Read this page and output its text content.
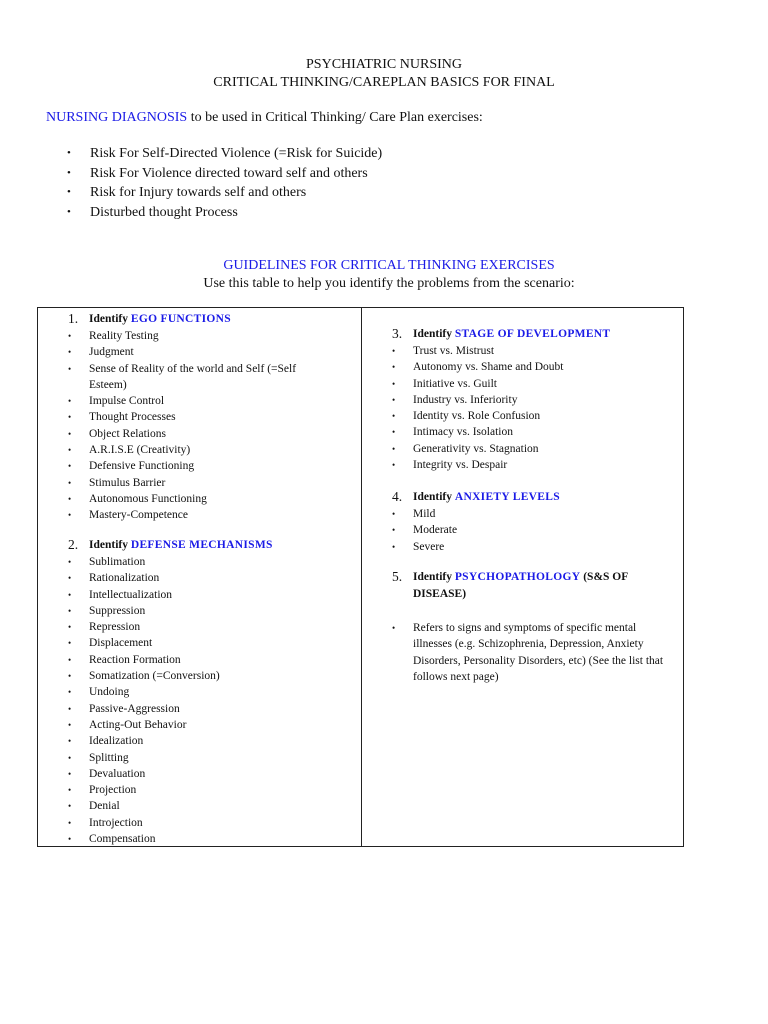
PSYCHIATRIC NURSING
CRITICAL THINKING/CAREPLAN BASICS FOR FINAL
NURSING DIAGNOSIS to be used in Critical Thinking/ Care Plan exercises:
• Risk For Self-Directed Violence (=Risk for Suicide)
• Risk For Violence directed toward self and others
• Risk for Injury towards self and others
• Disturbed thought Process
GUIDELINES FOR CRITICAL THINKING EXERCISES
Use this table to help you identify the problems from the scenario:
1. Identify EGO FUNCTIONS
• Reality Testing
• Judgment
• Sense of Reality of the world and Self (=Self Esteem)
• Impulse Control
• Thought Processes
• Object Relations
• A.R.I.S.E (Creativity)
• Defensive Functioning
• Stimulus Barrier
• Autonomous Functioning
• Mastery-Competence
2. Identify DEFENSE MECHANISMS
• Sublimation
• Rationalization
• Intellectualization
• Suppression
• Repression
• Displacement
• Reaction Formation
• Somatization (=Conversion)
• Undoing
• Passive-Aggression
• Acting-Out Behavior
• Idealization
• Splitting
• Devaluation
• Projection
• Denial
• Introjection
• Compensation
3. Identify STAGE OF DEVELOPMENT
• Trust vs. Mistrust
• Autonomy vs. Shame and Doubt
• Initiative vs. Guilt
• Industry vs. Inferiority
• Identity vs. Role Confusion
• Intimacy vs. Isolation
• Generativity vs. Stagnation
• Integrity vs. Despair
4. Identify ANXIETY LEVELS
• Mild
• Moderate
• Severe
5. Identify PSYCHOPATHOLOGY (S&S OF
DISEASE)
• Refers to signs and symptoms of specific mental illnesses (e.g. Schizophrenia, Depression, Anxiety Disorders, Personality Disorders, etc) (See the list that follows next page)
